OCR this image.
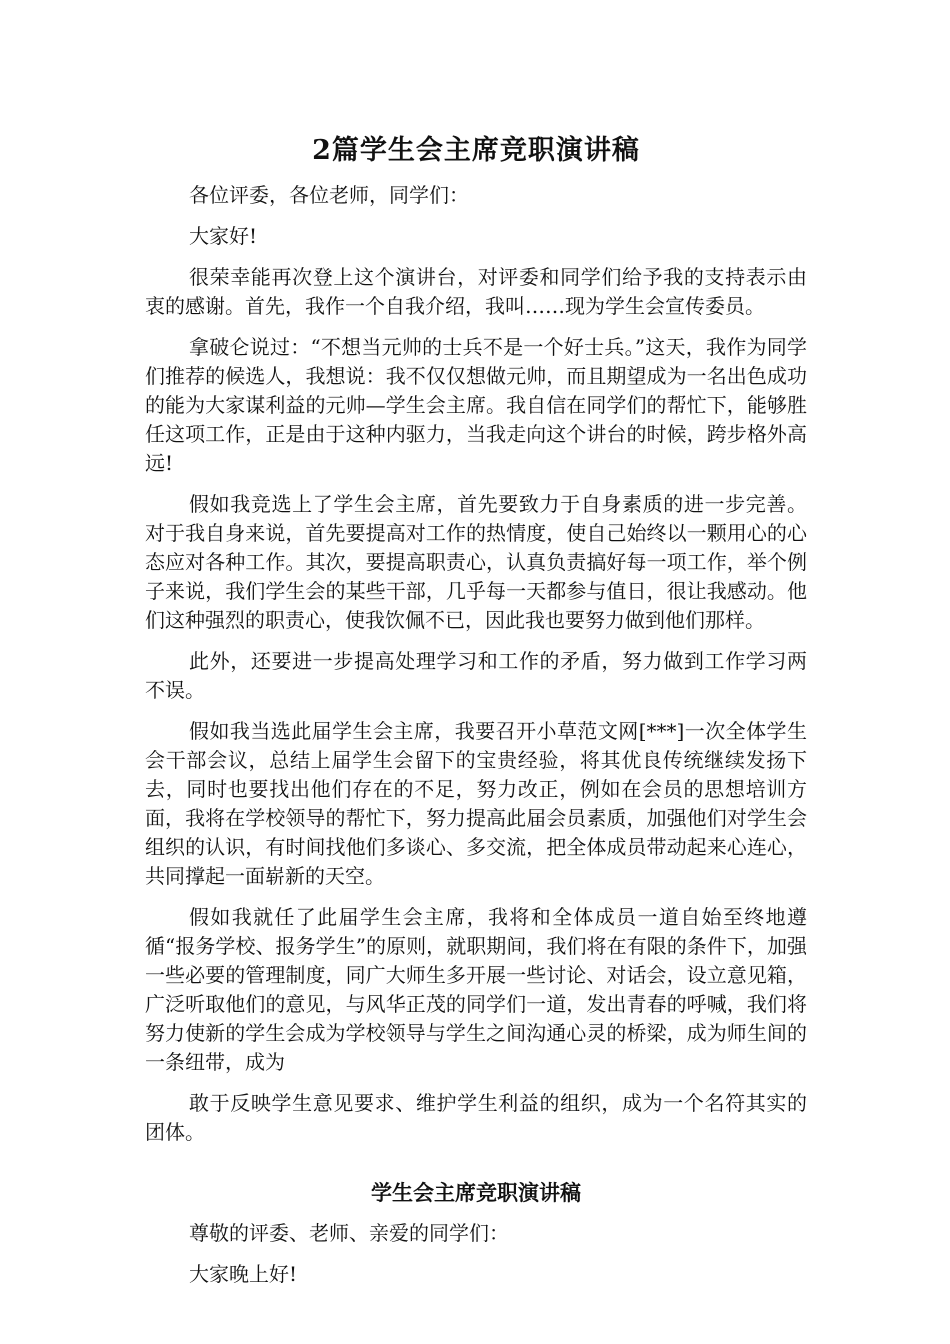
2篇学生会主席竞职演讲稿

各位评委，各位老师，同学们：

大家好!

很荣幸能再次登上这个演讲台，对评委和同学们给予我的支持表示由衷的感谢。首先，我作一个自我介绍，我叫……现为学生会宣传委员。

拿破仑说过：“不想当元帅的士兵不是一个好士兵。”这天，我作为同学们推荐的候选人，我想说：我不仅仅想做元帅，而且期望成为一名出色成功的能为大家谋利益的元帅—学生会主席。我自信在同学们的帮忙下，能够胜任这项工作，正是由于这种内驱力，当我走向这个讲台的时候，跨步格外高远!

假如我竞选上了学生会主席，首先要致力于自身素质的进一步完善。对于我自身来说，首先要提高对工作的热情度，使自己始终以一颗用心的心态应对各种工作。其次，要提高职责心，认真负责搞好每一项工作，举个例子来说，我们学生会的某些干部，几乎每一天都参与值日，很让我感动。他们这种强烈的职责心，使我饮佩不已，因此我也要努力做到他们那样。

此外，还要进一步提高处理学习和工作的矛盾，努力做到工作学习两不误。

假如我当选此届学生会主席，我要召开小草范文网[***]一次全体学生会干部会议，总结上届学生会留下的宝贵经验，将其优良传统继续发扬下去，同时也要找出他们存在的不足，努力改正，例如在会员的思想培训方面，我将在学校领导的帮忙下，努力提高此届会员素质，加强他们对学生会组织的认识，有时间找他们多谈心、多交流，把全体成员带动起来心连心，共同撑起一面崭新的天空。

假如我就任了此届学生会主席，我将和全体成员一道自始至终地遵循“报务学校、报务学生”的原则，就职期间，我们将在有限的条件下，加强一些必要的管理制度，同广大师生多开展一些讨论、对话会，设立意见箱，广泛听取他们的意见，与风华正茂的同学们一道，发出青春的呼喊，我们将努力使新的学生会成为学校领导与学生之间沟通心灵的桥梁，成为师生间的一条纽带，成为

敢于反映学生意见要求、维护学生利益的组织，成为一个名符其实的团体。

学生会主席竞职演讲稿

尊敬的评委、老师、亲爱的同学们：

大家晚上好!
